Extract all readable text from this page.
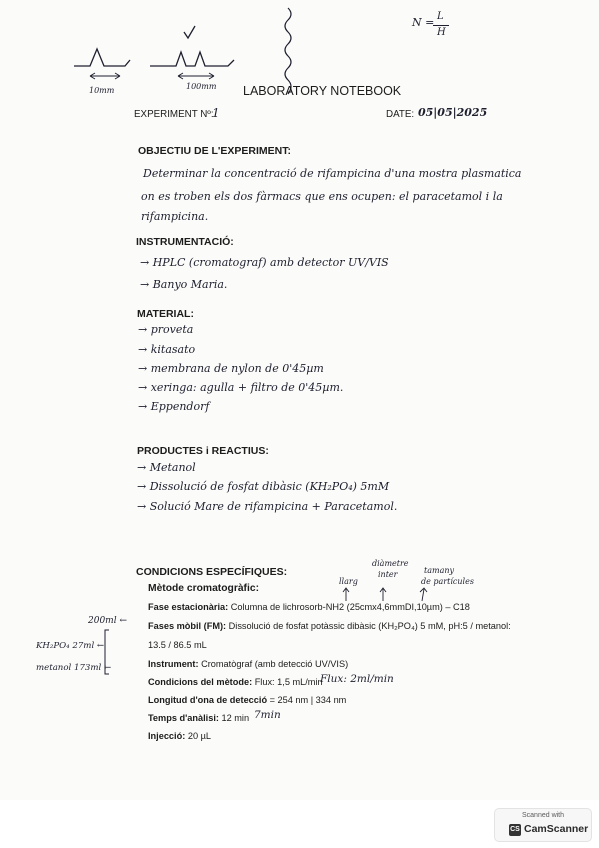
10mm	100mm
N = L
H
LABORATORY NOTEBOOK
EXPERIMENT Nº:
1	DATE: 05|05|2025
OBJECTIU DE L'EXPERIMENT:
Determinar la concentració de rifampicina d'una mostra plasmatica
on es troben els dos fàrmacs que ens ocupen: el paracetamol i la
rifampicina.
INSTRUMENTACIÓ:
→ HPLC (cromatograf) amb detector UV/VIS
→ Banyo Maria.
MATERIAL:
→ proveta
→ kitasato
→ membrana de nylon de 0'45µm
→ xeringa: agulla + filtro de 0'45µm.
→ Eppendorf
PRODUCTES i REACTIUS:
→ Metanol
→ Dissolució de fosfat dibàsic (KH₂PO₄) 5mM
→ Solució Mare de rifampicina + Paracetamol.
CONDICIONS ESPECÍFIQUES:
diàmetre
tamany
llarg
inter
de partícules
Mètode cromatogràfic:
Fase estacionària: Columna de lichrosorb-NH2 (25cmx4,6mmDI,10µm) – C18
Fases mòbil (FM): Dissolució de fosfat potàssic dibàsic (KH₂PO₄) 5 mM, pH:5 / metanol:
13.5 / 86.5 mL
Instrument: Cromatògraf (amb detecció UV/VIS)
Condicions del mètode: Flux: 1,5 mL/min
Flux: 2ml/min
Longitud d'ona de detecció = 254 nm | 334 nm
Temps d'anàlisi: 12 min 7min
Injecció: 20 µL
200ml ←
KH₂PO₄ 27ml ←
metanol 173ml ←
Scanned with
CS CamScanner
